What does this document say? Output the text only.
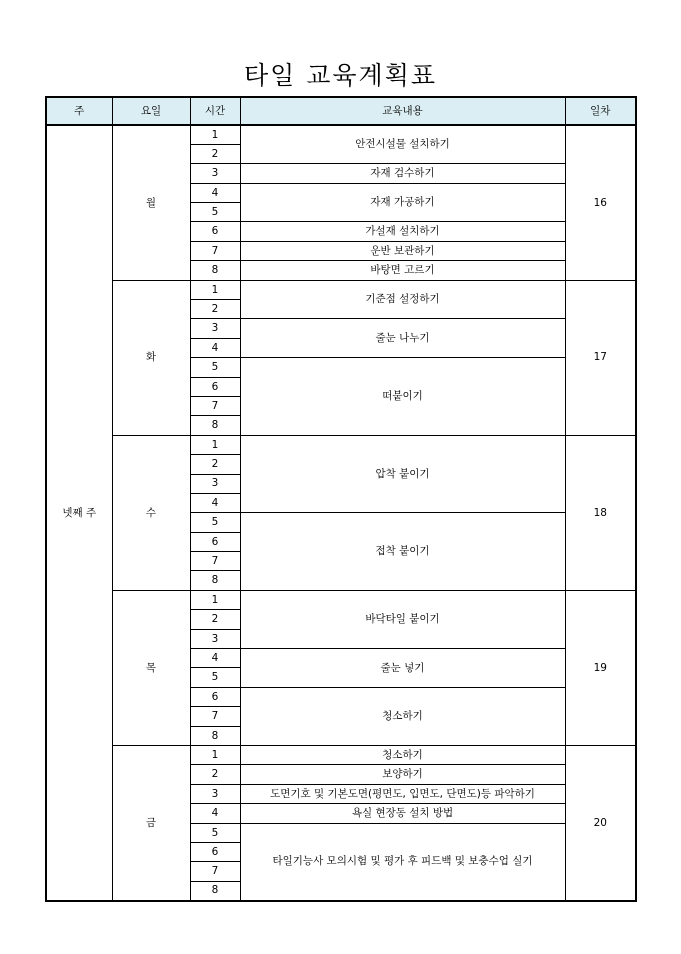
타일 교육계획표
주	요일	시간	교육내용	일차
넷째 주	월	1	안전시설물 설치하기	16
		2		
		3	자재 검수하기	
		4	자재 가공하기	
		5		
		6	가설재 설치하기	
		7	운반 보관하기	
		8	바탕면 고르기	
	화	1	기준점 설정하기	17
		2		
		3	줄눈 나누기	
		4		
		5	떠붙이기	
		6		
		7		
		8		
	수	1	압착 붙이기	18
		2		
		3		
		4		
		5	접착 붙이기	
		6		
		7		
		8		
	목	1	바닥타일 붙이기	19
		2		
		3		
		4	줄눈 넣기	
		5		
		6	청소하기	
		7		
		8		
	금	1	청소하기	20
		2	보양하기	
		3	도면기호 및 기본도면(평면도, 입면도, 단면도)등 파악하기	
		4	욕실 현장동 설치 방법	
		5	타일기능사 모의시험 및 평가 후 피드백 및 보충수업 실기	
		6		
		7		
		8		
